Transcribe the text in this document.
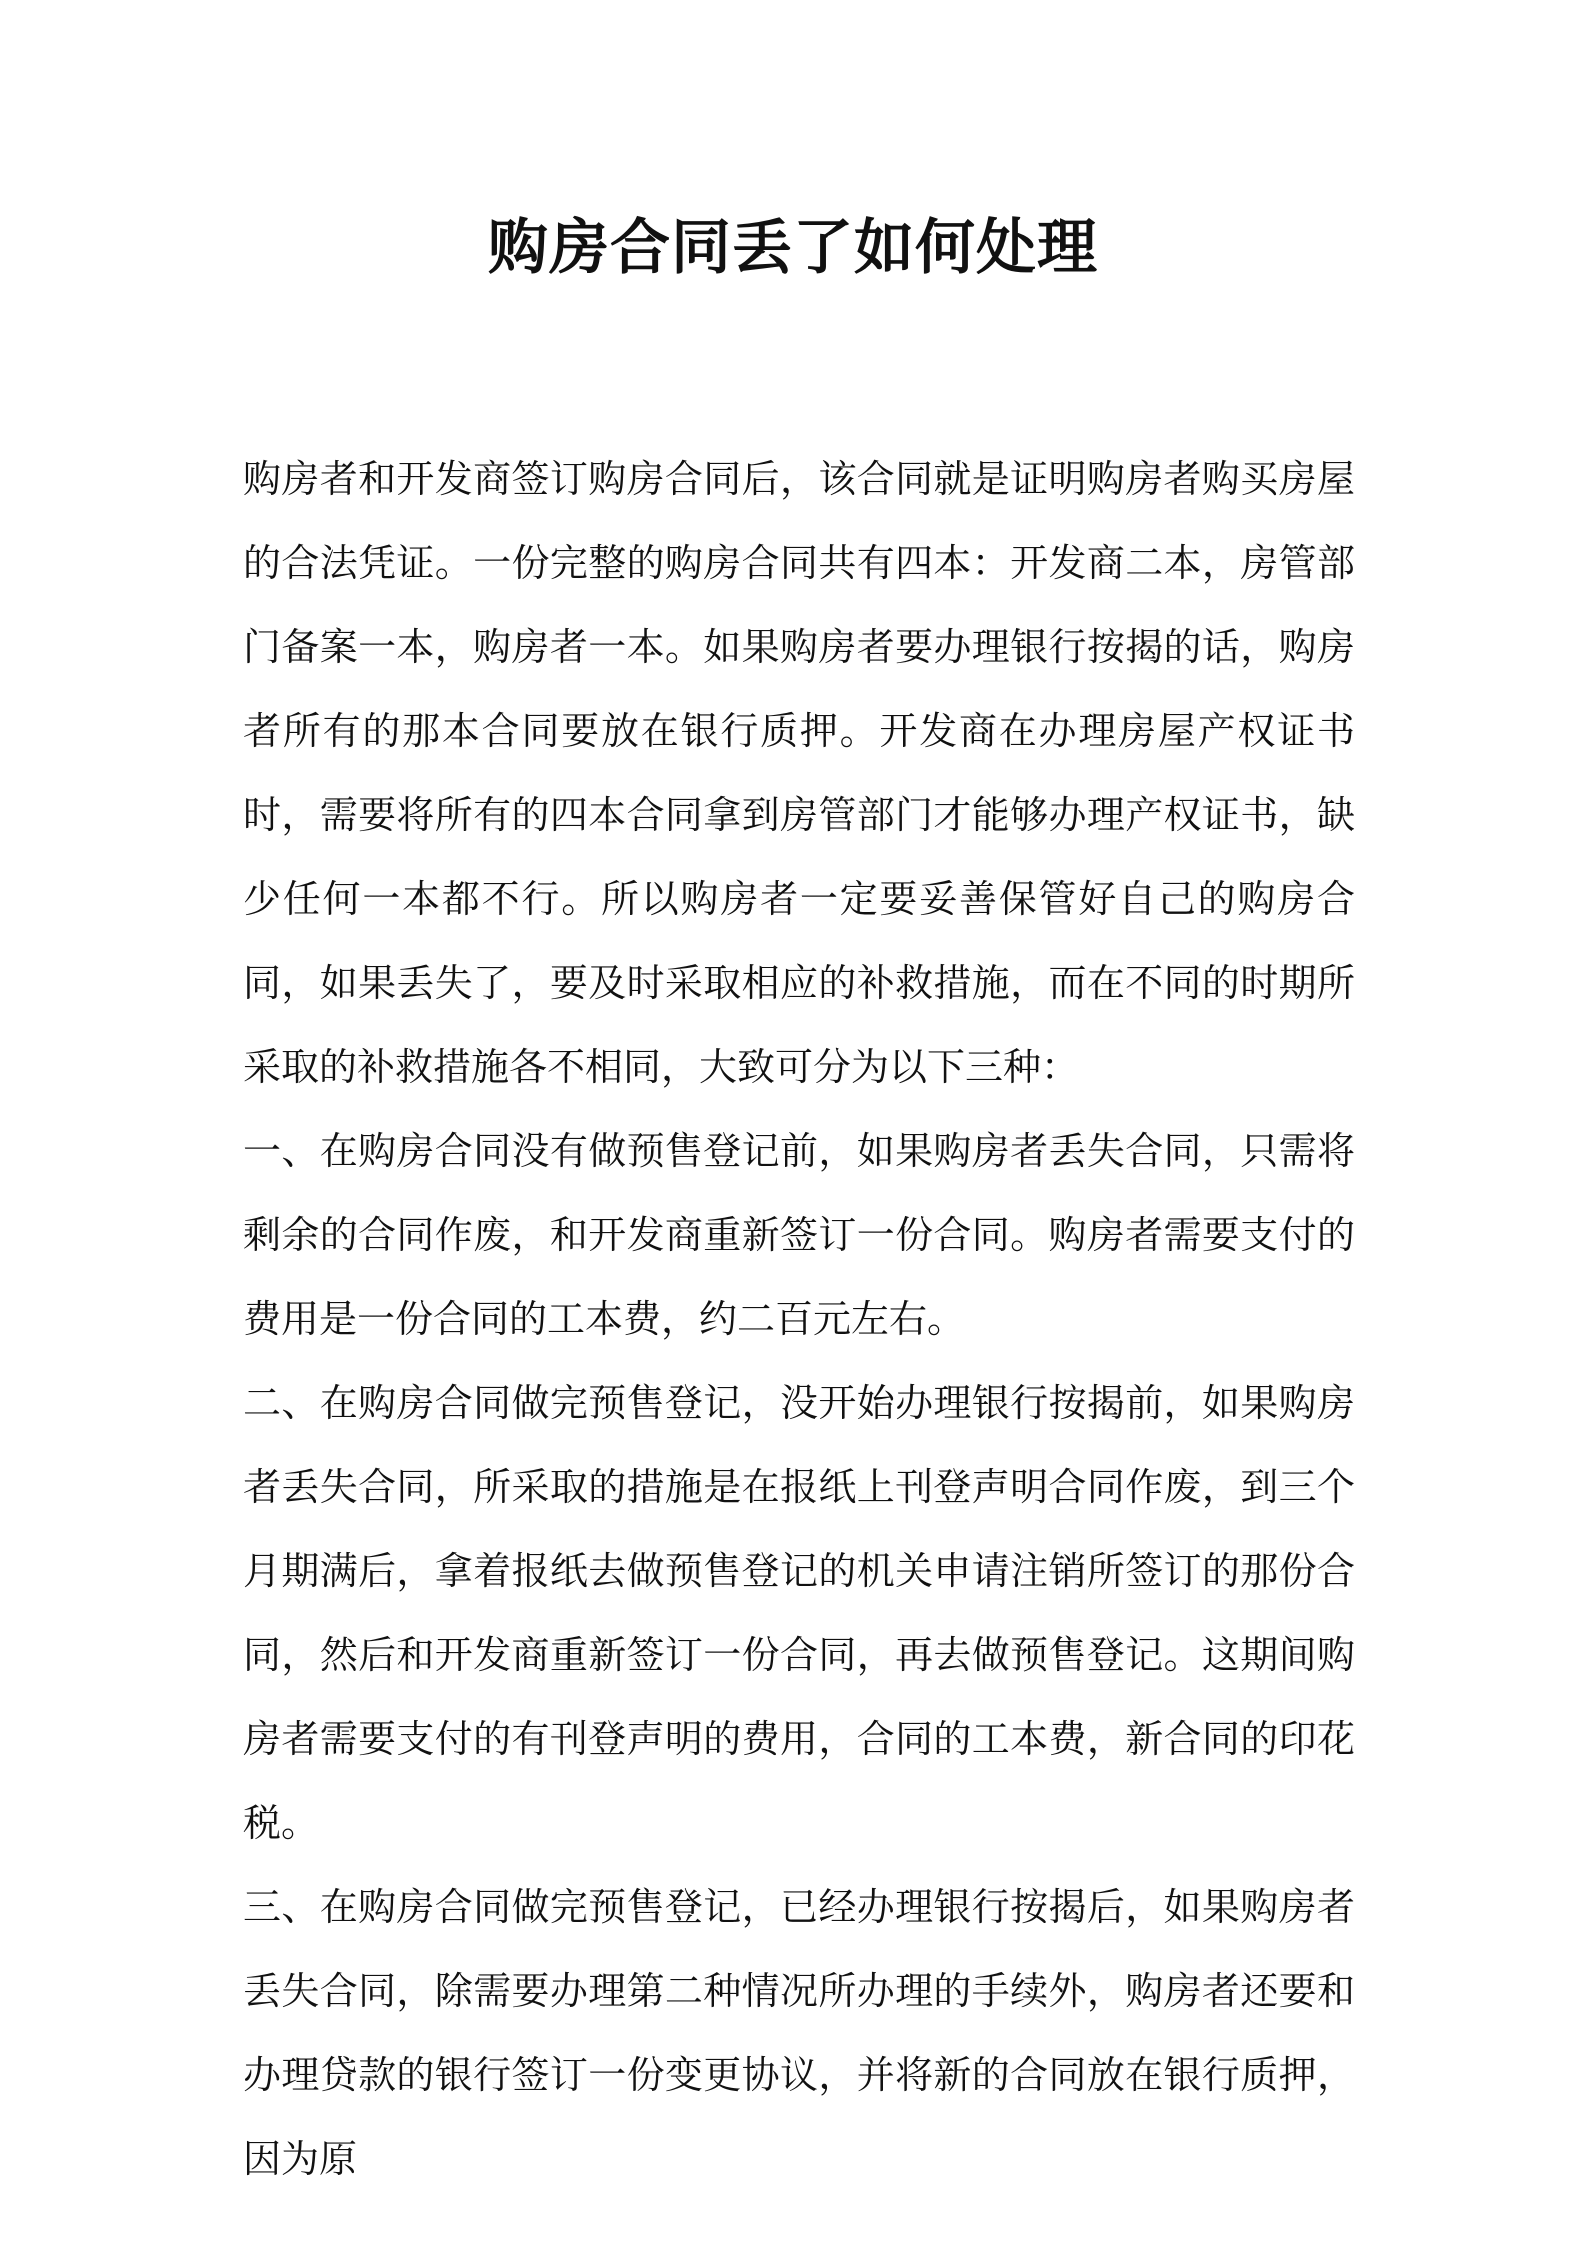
购房合同丢了如何处理

购房者和开发商签订购房合同后，该合同就是证明购房者购买房屋的合法凭证。一份完整的购房合同共有四本：开发商二本，房管部门备案一本，购房者一本。如果购房者要办理银行按揭的话，购房者所有的那本合同要放在银行质押。开发商在办理房屋产权证书时，需要将所有的四本合同拿到房管部门才能够办理产权证书，缺少任何一本都不行。所以购房者一定要妥善保管好自己的购房合同，如果丢失了，要及时采取相应的补救措施，而在不同的时期所采取的补救措施各不相同，大致可分为以下三种：

一、在购房合同没有做预售登记前，如果购房者丢失合同，只需将剩余的合同作废，和开发商重新签订一份合同。购房者需要支付的费用是一份合同的工本费，约二百元左右。

二、在购房合同做完预售登记，没开始办理银行按揭前，如果购房者丢失合同，所采取的措施是在报纸上刊登声明合同作废，到三个月期满后，拿着报纸去做预售登记的机关申请注销所签订的那份合同，然后和开发商重新签订一份合同，再去做预售登记。这期间购房者需要支付的有刊登声明的费用，合同的工本费，新合同的印花税。

三、在购房合同做完预售登记，已经办理银行按揭后，如果购房者丢失合同，除需要办理第二种情况所办理的手续外，购房者还要和办理贷款的银行签订一份变更协议，并将新的合同放在银行质押，因为原
